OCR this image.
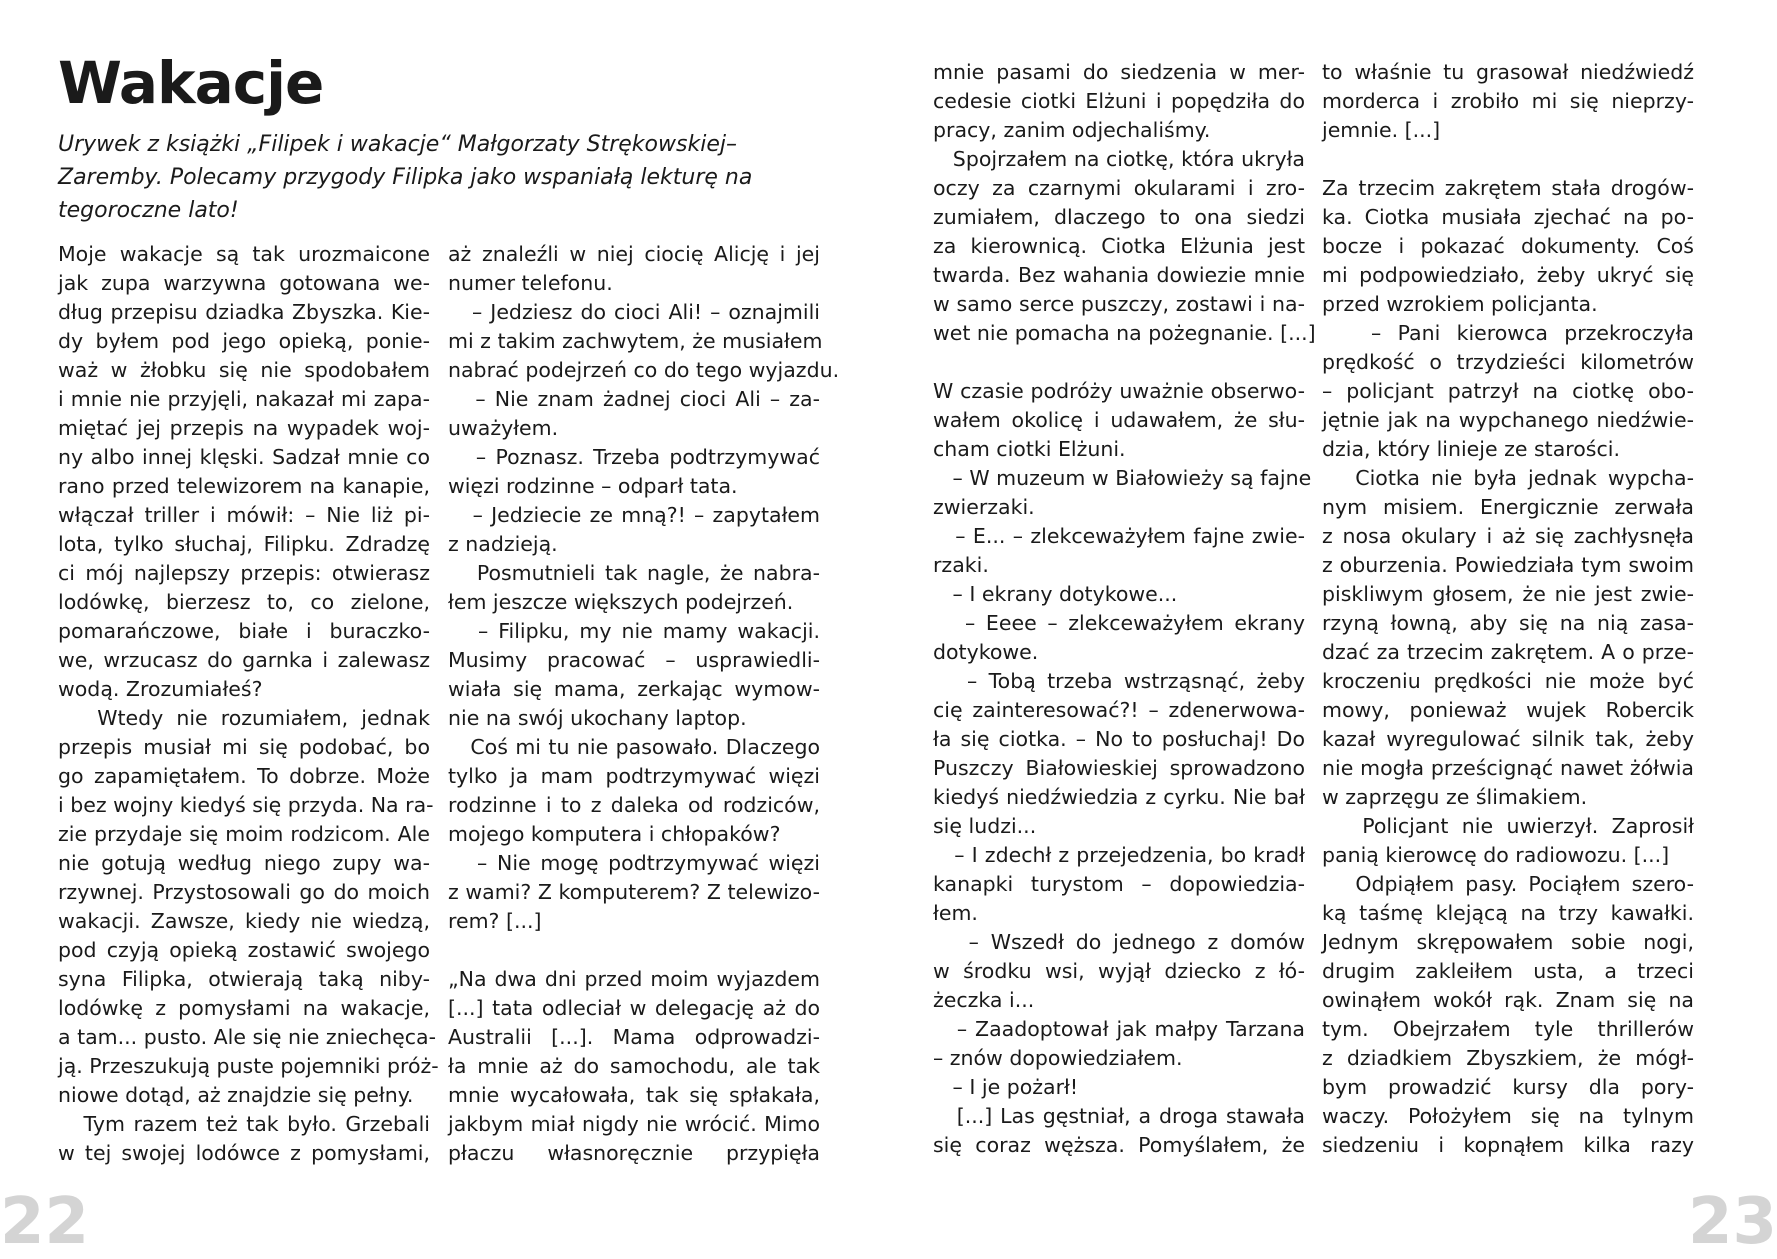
Wakacje

Urywek z książki „Filipek i wakacje“ Małgorzaty Strękowskiej–Zaremby. Polecamy przygody Filipka jako wspaniałą lekturę na tegoroczne lato!

Moje wakacje są tak urozmaicone
jak zupa warzywna gotowana we-
dług przepisu dziadka Zbyszka. Kie-
dy byłem pod jego opieką, ponie-
waż w żłobku się nie spodobałem
i mnie nie przyjęli, nakazał mi zapa-
miętać jej przepis na wypadek woj-
ny albo innej klęski. Sadzał mnie co
rano przed telewizorem na kanapie,
włączał triller i mówił: – Nie liż pi-
lota, tylko słuchaj, Filipku. Zdradzę
ci mój najlepszy przepis: otwierasz
lodówkę, bierzesz to, co zielone,
pomarańczowe, białe i buraczko-
we, wrzucasz do garnka i zalewasz
wodą. Zrozumiałeś?
Wtedy nie rozumiałem, jednak
przepis musiał mi się podobać, bo
go zapamiętałem. To dobrze. Może
i bez wojny kiedyś się przyda. Na ra-
zie przydaje się moim rodzicom. Ale
nie gotują według niego zupy wa-
rzywnej. Przystosowali go do moich
wakacji. Zawsze, kiedy nie wiedzą,
pod czyją opieką zostawić swojego
syna Filipka, otwierają taką niby-
lodówkę z pomysłami na wakacje,
a tam... pusto. Ale się nie zniechęca-
ją. Przeszukują puste pojemniki próż-
niowe dotąd, aż znajdzie się pełny.
Tym razem też tak było. Grzebali
w tej swojej lodówce z pomysłami,
aż znaleźli w niej ciocię Alicję i jej
numer telefonu.
– Jedziesz do cioci Ali! – oznajmili
mi z takim zachwytem, że musiałem
nabrać podejrzeń co do tego wyjazdu.
– Nie znam żadnej cioci Ali – za-
uważyłem.
– Poznasz. Trzeba podtrzymywać
więzi rodzinne – odparł tata.
– Jedziecie ze mną?! – zapytałem
z nadzieją.
Posmutnieli tak nagle, że nabra-
łem jeszcze większych podejrzeń.
– Filipku, my nie mamy wakacji.
Musimy pracować – usprawiedli-
wiała się mama, zerkając wymow-
nie na swój ukochany laptop.
Coś mi tu nie pasowało. Dlaczego
tylko ja mam podtrzymywać więzi
rodzinne i to z daleka od rodziców,
mojego komputera i chłopaków?
– Nie mogę podtrzymywać więzi
z wami? Z komputerem? Z telewizo-
rem? [...]
„Na dwa dni przed moim wyjazdem
[...] tata odleciał w delegację aż do
Australii [...]. Mama odprowadzi-
ła mnie aż do samochodu, ale tak
mnie wycałowała, tak się spłakała,
jakbym miał nigdy nie wrócić. Mimo
płaczu własnoręcznie przypięła
mnie pasami do siedzenia w mer-
cedesie ciotki Elżuni i popędziła do
pracy, zanim odjechaliśmy.
Spojrzałem na ciotkę, która ukryła
oczy za czarnymi okularami i zro-
zumiałem, dlaczego to ona siedzi
za kierownicą. Ciotka Elżunia jest
twarda. Bez wahania dowiezie mnie
w samo serce puszczy, zostawi i na-
wet nie pomacha na pożegnanie. [...]
W czasie podróży uważnie obserwo-
wałem okolicę i udawałem, że słu-
cham ciotki Elżuni.
– W muzeum w Białowieży są fajne
zwierzaki.
– E... – zlekceważyłem fajne zwie-
rzaki.
– I ekrany dotykowe...
– Eeee – zlekceważyłem ekrany
dotykowe.
– Tobą trzeba wstrząsnąć, żeby
cię zainteresować?! – zdenerwowa-
ła się ciotka. – No to posłuchaj! Do
Puszczy Białowieskiej sprowadzono
kiedyś niedźwiedzia z cyrku. Nie bał
się ludzi...
– I zdechł z przejedzenia, bo kradł
kanapki turystom – dopowiedzia-
łem.
– Wszedł do jednego z domów
w środku wsi, wyjął dziecko z łó-
żeczka i...
– Zaadoptował jak małpy Tarzana
– znów dopowiedziałem.
– I je pożarł!
[...] Las gęstniał, a droga stawała
się coraz węższa. Pomyślałem, że
to właśnie tu grasował niedźwiedź
morderca i zrobiło mi się nieprzy-
jemnie. [...]
Za trzecim zakrętem stała drogów-
ka. Ciotka musiała zjechać na po-
bocze i pokazać dokumenty. Coś
mi podpowiedziało, żeby ukryć się
przed wzrokiem policjanta.
– Pani kierowca przekroczyła
prędkość o trzydzieści kilometrów
– policjant patrzył na ciotkę obo-
jętnie jak na wypchanego niedźwie-
dzia, który linieje ze starości.
Ciotka nie była jednak wypcha-
nym misiem. Energicznie zerwała
z nosa okulary i aż się zachłysnęła
z oburzenia. Powiedziała tym swoim
piskliwym głosem, że nie jest zwie-
rzyną łowną, aby się na nią zasa-
dzać za trzecim zakrętem. A o prze-
kroczeniu prędkości nie może być
mowy, ponieważ wujek Robercik
kazał wyregulować silnik tak, żeby
nie mogła prześcignąć nawet żółwia
w zaprzęgu ze ślimakiem.
Policjant nie uwierzył. Zaprosił
panią kierowcę do radiowozu. [...]
Odpiąłem pasy. Pociąłem szero-
ką taśmę klejącą na trzy kawałki.
Jednym skrępowałem sobie nogi,
drugim zakleiłem usta, a trzeci
owinąłem wokół rąk. Znam się na
tym. Obejrzałem tyle thrillerów
z dziadkiem Zbyszkiem, że mógł-
bym prowadzić kursy dla pory-
waczy. Położyłem się na tylnym
siedzeniu i kopnąłem kilka razy
22	23
